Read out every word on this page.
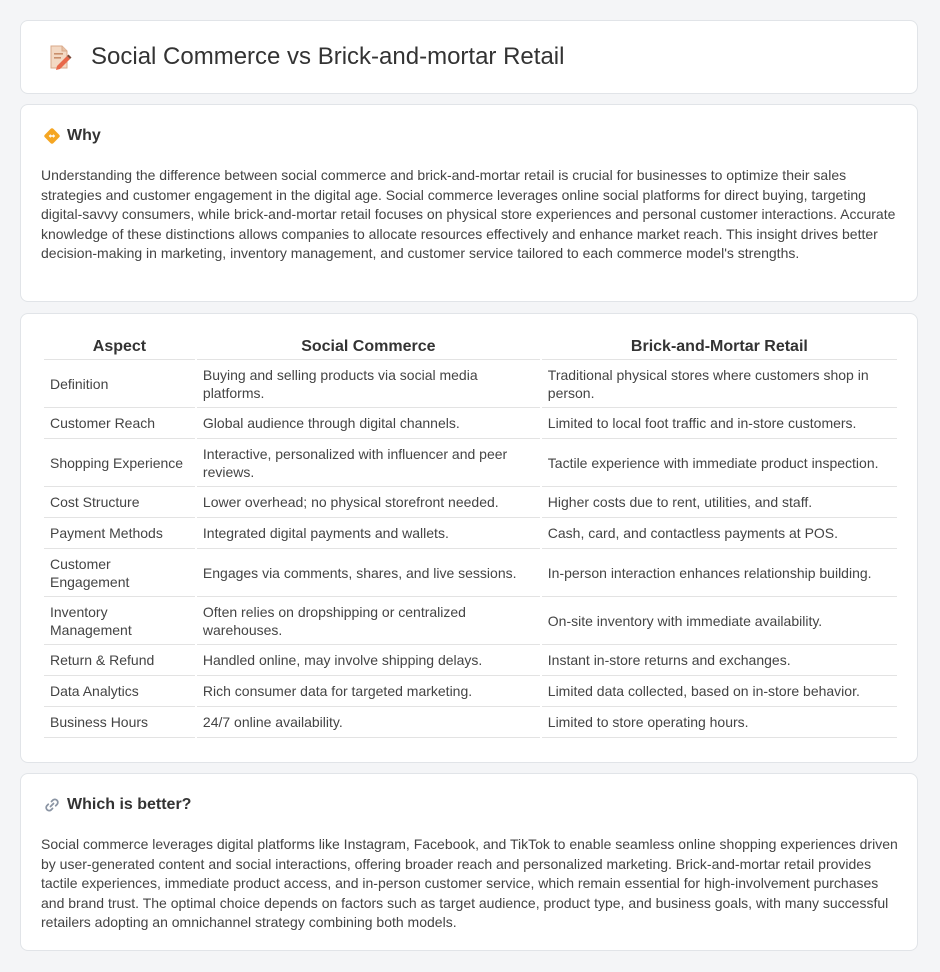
Social Commerce vs Brick-and-mortar Retail
Why
Understanding the difference between social commerce and brick-and-mortar retail is crucial for businesses to optimize their sales strategies and customer engagement in the digital age. Social commerce leverages online social platforms for direct buying, targeting digital-savvy consumers, while brick-and-mortar retail focuses on physical store experiences and personal customer interactions. Accurate knowledge of these distinctions allows companies to allocate resources effectively and enhance market reach. This insight drives better decision-making in marketing, inventory management, and customer service tailored to each commerce model's strengths.
Aspect	Social Commerce	Brick-and-Mortar Retail
Definition	Buying and selling products via social media platforms.	Traditional physical stores where customers shop in person.
Customer Reach	Global audience through digital channels.	Limited to local foot traffic and in-store customers.
Shopping Experience	Interactive, personalized with influencer and peer reviews.	Tactile experience with immediate product inspection.
Cost Structure	Lower overhead; no physical storefront needed.	Higher costs due to rent, utilities, and staff.
Payment Methods	Integrated digital payments and wallets.	Cash, card, and contactless payments at POS.
Customer Engagement	Engages via comments, shares, and live sessions.	In-person interaction enhances relationship building.
Inventory Management	Often relies on dropshipping or centralized warehouses.	On-site inventory with immediate availability.
Return & Refund	Handled online, may involve shipping delays.	Instant in-store returns and exchanges.
Data Analytics	Rich consumer data for targeted marketing.	Limited data collected, based on in-store behavior.
Business Hours	24/7 online availability.	Limited to store operating hours.
Which is better?
Social commerce leverages digital platforms like Instagram, Facebook, and TikTok to enable seamless online shopping experiences driven by user-generated content and social interactions, offering broader reach and personalized marketing. Brick-and-mortar retail provides tactile experiences, immediate product access, and in-person customer service, which remain essential for high-involvement purchases and brand trust. The optimal choice depends on factors such as target audience, product type, and business goals, with many successful retailers adopting an omnichannel strategy combining both models.
